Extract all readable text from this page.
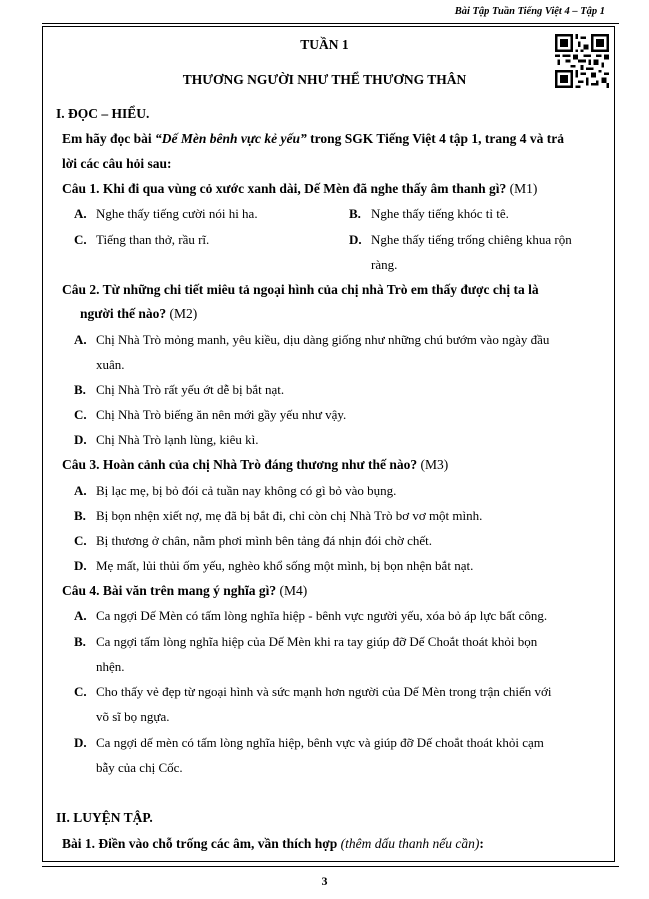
Bài Tập Tuần Tiếng Việt 4 – Tập 1
TUẦN 1
THƯƠNG NGƯỜI NHƯ THỂ THƯƠNG THÂN
I. ĐỌC – HIỂU.
Em hãy đọc bài “Dế Mèn bênh vực kẻ yếu” trong SGK Tiếng Việt 4 tập 1, trang 4 và trả
lời các câu hỏi sau:
Câu 1. Khi đi qua vùng cỏ xước xanh dài, Dế Mèn đã nghe thấy âm thanh gì? (M1)
A. Nghe thấy tiếng cười nói hi ha.	B. Nghe thấy tiếng khóc tỉ tê.
C. Tiếng than thở, rầu rĩ.	D. Nghe thấy tiếng trống chiêng khua rộn
ràng.
Câu 2. Từ những chi tiết miêu tả ngoại hình của chị nhà Trò em thấy được chị ta là
người thế nào? (M2)
A. Chị Nhà Trò mỏng manh, yêu kiều, dịu dàng giống như những chú bướm vào ngày đầu
xuân.
B. Chị Nhà Trò rất yếu ớt dễ bị bắt nạt.
C. Chị Nhà Trò biếng ăn nên mới gầy yếu như vậy.
D. Chị Nhà Trò lạnh lùng, kiêu kì.
Câu 3. Hoàn cảnh của chị Nhà Trò đáng thương như thế nào? (M3)
A. Bị lạc mẹ, bị bỏ đói cả tuần nay không có gì bỏ vào bụng.
B. Bị bọn nhện xiết nợ, mẹ đã bị bắt đi, chỉ còn chị Nhà Trò bơ vơ một mình.
C. Bị thương ở chân, nằm phơi mình bên tảng đá nhịn đói chờ chết.
D. Mẹ mất, lủi thủi ốm yếu, nghèo khổ sống một mình, bị bọn nhện bắt nạt.
Câu 4. Bài văn trên mang ý nghĩa gì? (M4)
A. Ca ngợi Dế Mèn có tấm lòng nghĩa hiệp - bênh vực người yếu, xóa bỏ áp lực bất công.
B. Ca ngợi tấm lòng nghĩa hiệp của Dế Mèn khi ra tay giúp đỡ Dế Choắt thoát khỏi bọn
nhện.
C. Cho thấy vẻ đẹp từ ngoại hình và sức mạnh hơn người của Dế Mèn trong trận chiến với
võ sĩ bọ ngựa.
D. Ca ngợi dế mèn có tấm lòng nghĩa hiệp, bênh vực và giúp đỡ Dế choắt thoát khỏi cạm
bẫy của chị Cốc.
II. LUYỆN TẬP.
Bài 1. Điền vào chỗ trống các âm, vần thích hợp (thêm dấu thanh nếu cần):
3
